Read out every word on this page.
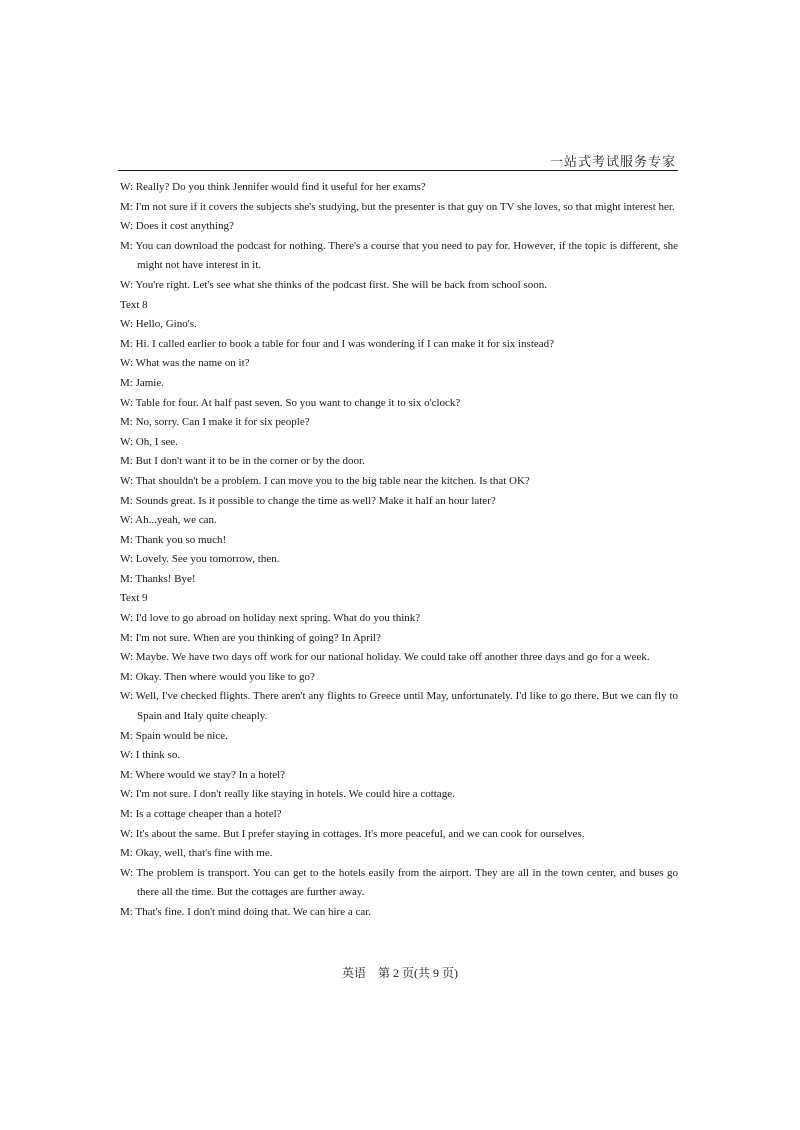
一站式考试服务专家
W: Really? Do you think Jennifer would find it useful for her exams?
M: I'm not sure if it covers the subjects she's studying, but the presenter is that guy on TV she loves, so that might interest her.
W: Does it cost anything?
M: You can download the podcast for nothing. There's a course that you need to pay for. However, if the topic is different, she might not have interest in it.
W: You're right. Let's see what she thinks of the podcast first. She will be back from school soon.
Text 8
W: Hello, Gino's.
M: Hi. I called earlier to book a table for four and I was wondering if I can make it for six instead?
W: What was the name on it?
M: Jamie.
W: Table for four. At half past seven. So you want to change it to six o'clock?
M: No, sorry. Can I make it for six people?
W: Oh, I see.
M: But I don't want it to be in the corner or by the door.
W: That shouldn't be a problem. I can move you to the big table near the kitchen. Is that OK?
M: Sounds great. Is it possible to change the time as well? Make it half an hour later?
W: Ah...yeah, we can.
M: Thank you so much!
W: Lovely. See you tomorrow, then.
M: Thanks! Bye!
Text 9
W: I'd love to go abroad on holiday next spring. What do you think?
M: I'm not sure. When are you thinking of going? In April?
W: Maybe. We have two days off work for our national holiday. We could take off another three days and go for a week.
M: Okay. Then where would you like to go?
W: Well, I've checked flights. There aren't any flights to Greece until May, unfortunately. I'd like to go there. But we can fly to Spain and Italy quite cheaply.
M: Spain would be nice.
W: I think so.
M: Where would we stay? In a hotel?
W: I'm not sure. I don't really like staying in hotels. We could hire a cottage.
M: Is a cottage cheaper than a hotel?
W: It's about the same. But I prefer staying in cottages. It's more peaceful, and we can cook for ourselves.
M: Okay, well, that's fine with me.
W: The problem is transport. You can get to the hotels easily from the airport. They are all in the town center, and buses go there all the time. But the cottages are further away.
M: That's fine. I don't mind doing that. We can hire a car.
英语　第 2 页(共 9 页)
